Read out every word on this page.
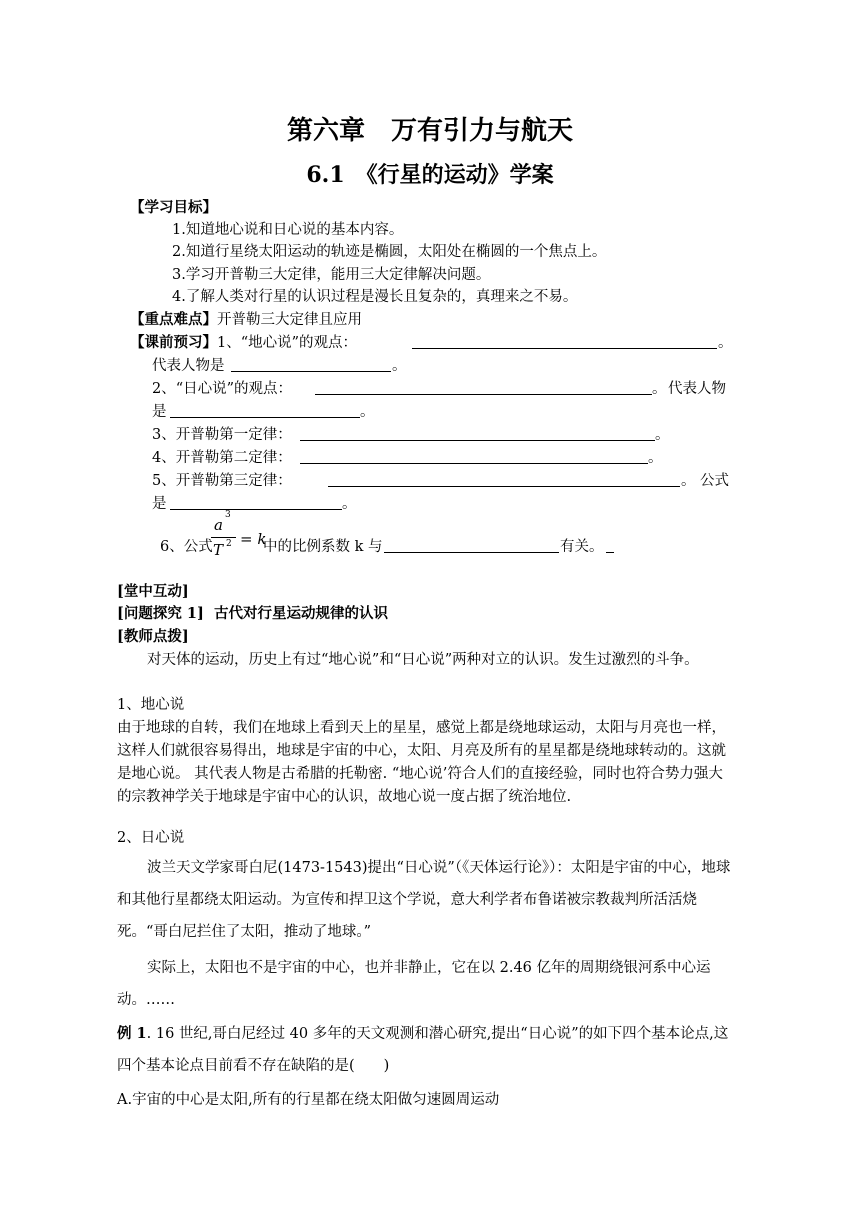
第六章　万有引力与航天
6.1　《行星的运动》学案
【学习目标】
1.知道地心说和日心说的基本内容。
2.知道行星绕太阳运动的轨迹是椭圆，太阳处在椭圆的一个焦点上。
3.学习开普勒三大定律，能用三大定律解决问题。
4.了解人类对行星的认识过程是漫长且复杂的，真理来之不易。
【重点难点】开普勒三大定律且应用
【课前预习】1、“地心说”的观点：	。
代表人物是	。
2、“日心说”的观点：	。 代表人物
是	。
3、开普勒第一定律：	。
4、开普勒第二定律：	。
5、开普勒第三定律：	。 公式
是	。
6、公式
a
3
T 2 = k
中的比例系数 k 与	有关。
[堂中互动]
[问题探究 1] 古代对行星运动规律的认识
[教师点拨]
对天体的运动，历史上有过“地心说”和“日心说”两种对立的认识。发生过激烈的斗争。
1、地心说
由于地球的自转，我们在地球上看到天上的星星，感觉上都是绕地球运动，太阳与月亮也一样，这样人们就很容易得出，地球是宇宙的中心，太阳、月亮及所有的星星都是绕地球转动的。这就是地心说。 其代表人物是古希腊的托勒密. “地心说’符合人们的直接经验，同时也符合势力强大的宗教神学关于地球是宇宙中心的认识，故地心说一度占据了统治地位.
2、日心说
波兰天文学家哥白尼(1473-1543)提出“日心说”（《天体运行论》）：太阳是宇宙的中心，地球和其他行星都绕太阳运动。为宣传和捍卫这个学说，意大利学者布鲁诺被宗教裁判所活活烧死。“哥白尼拦住了太阳，推动了地球。”
实际上，太阳也不是宇宙的中心，也并非静止，它在以 2.46 亿年的周期绕银河系中心运动。……
例 1. 16 世纪,哥白尼经过 40 多年的天文观测和潜心研究,提出“日心说”的如下四个基本论点,这四个基本论点目前看不存在缺陷的是(　　)
A.宇宙的中心是太阳,所有的行星都在绕太阳做匀速圆周运动
